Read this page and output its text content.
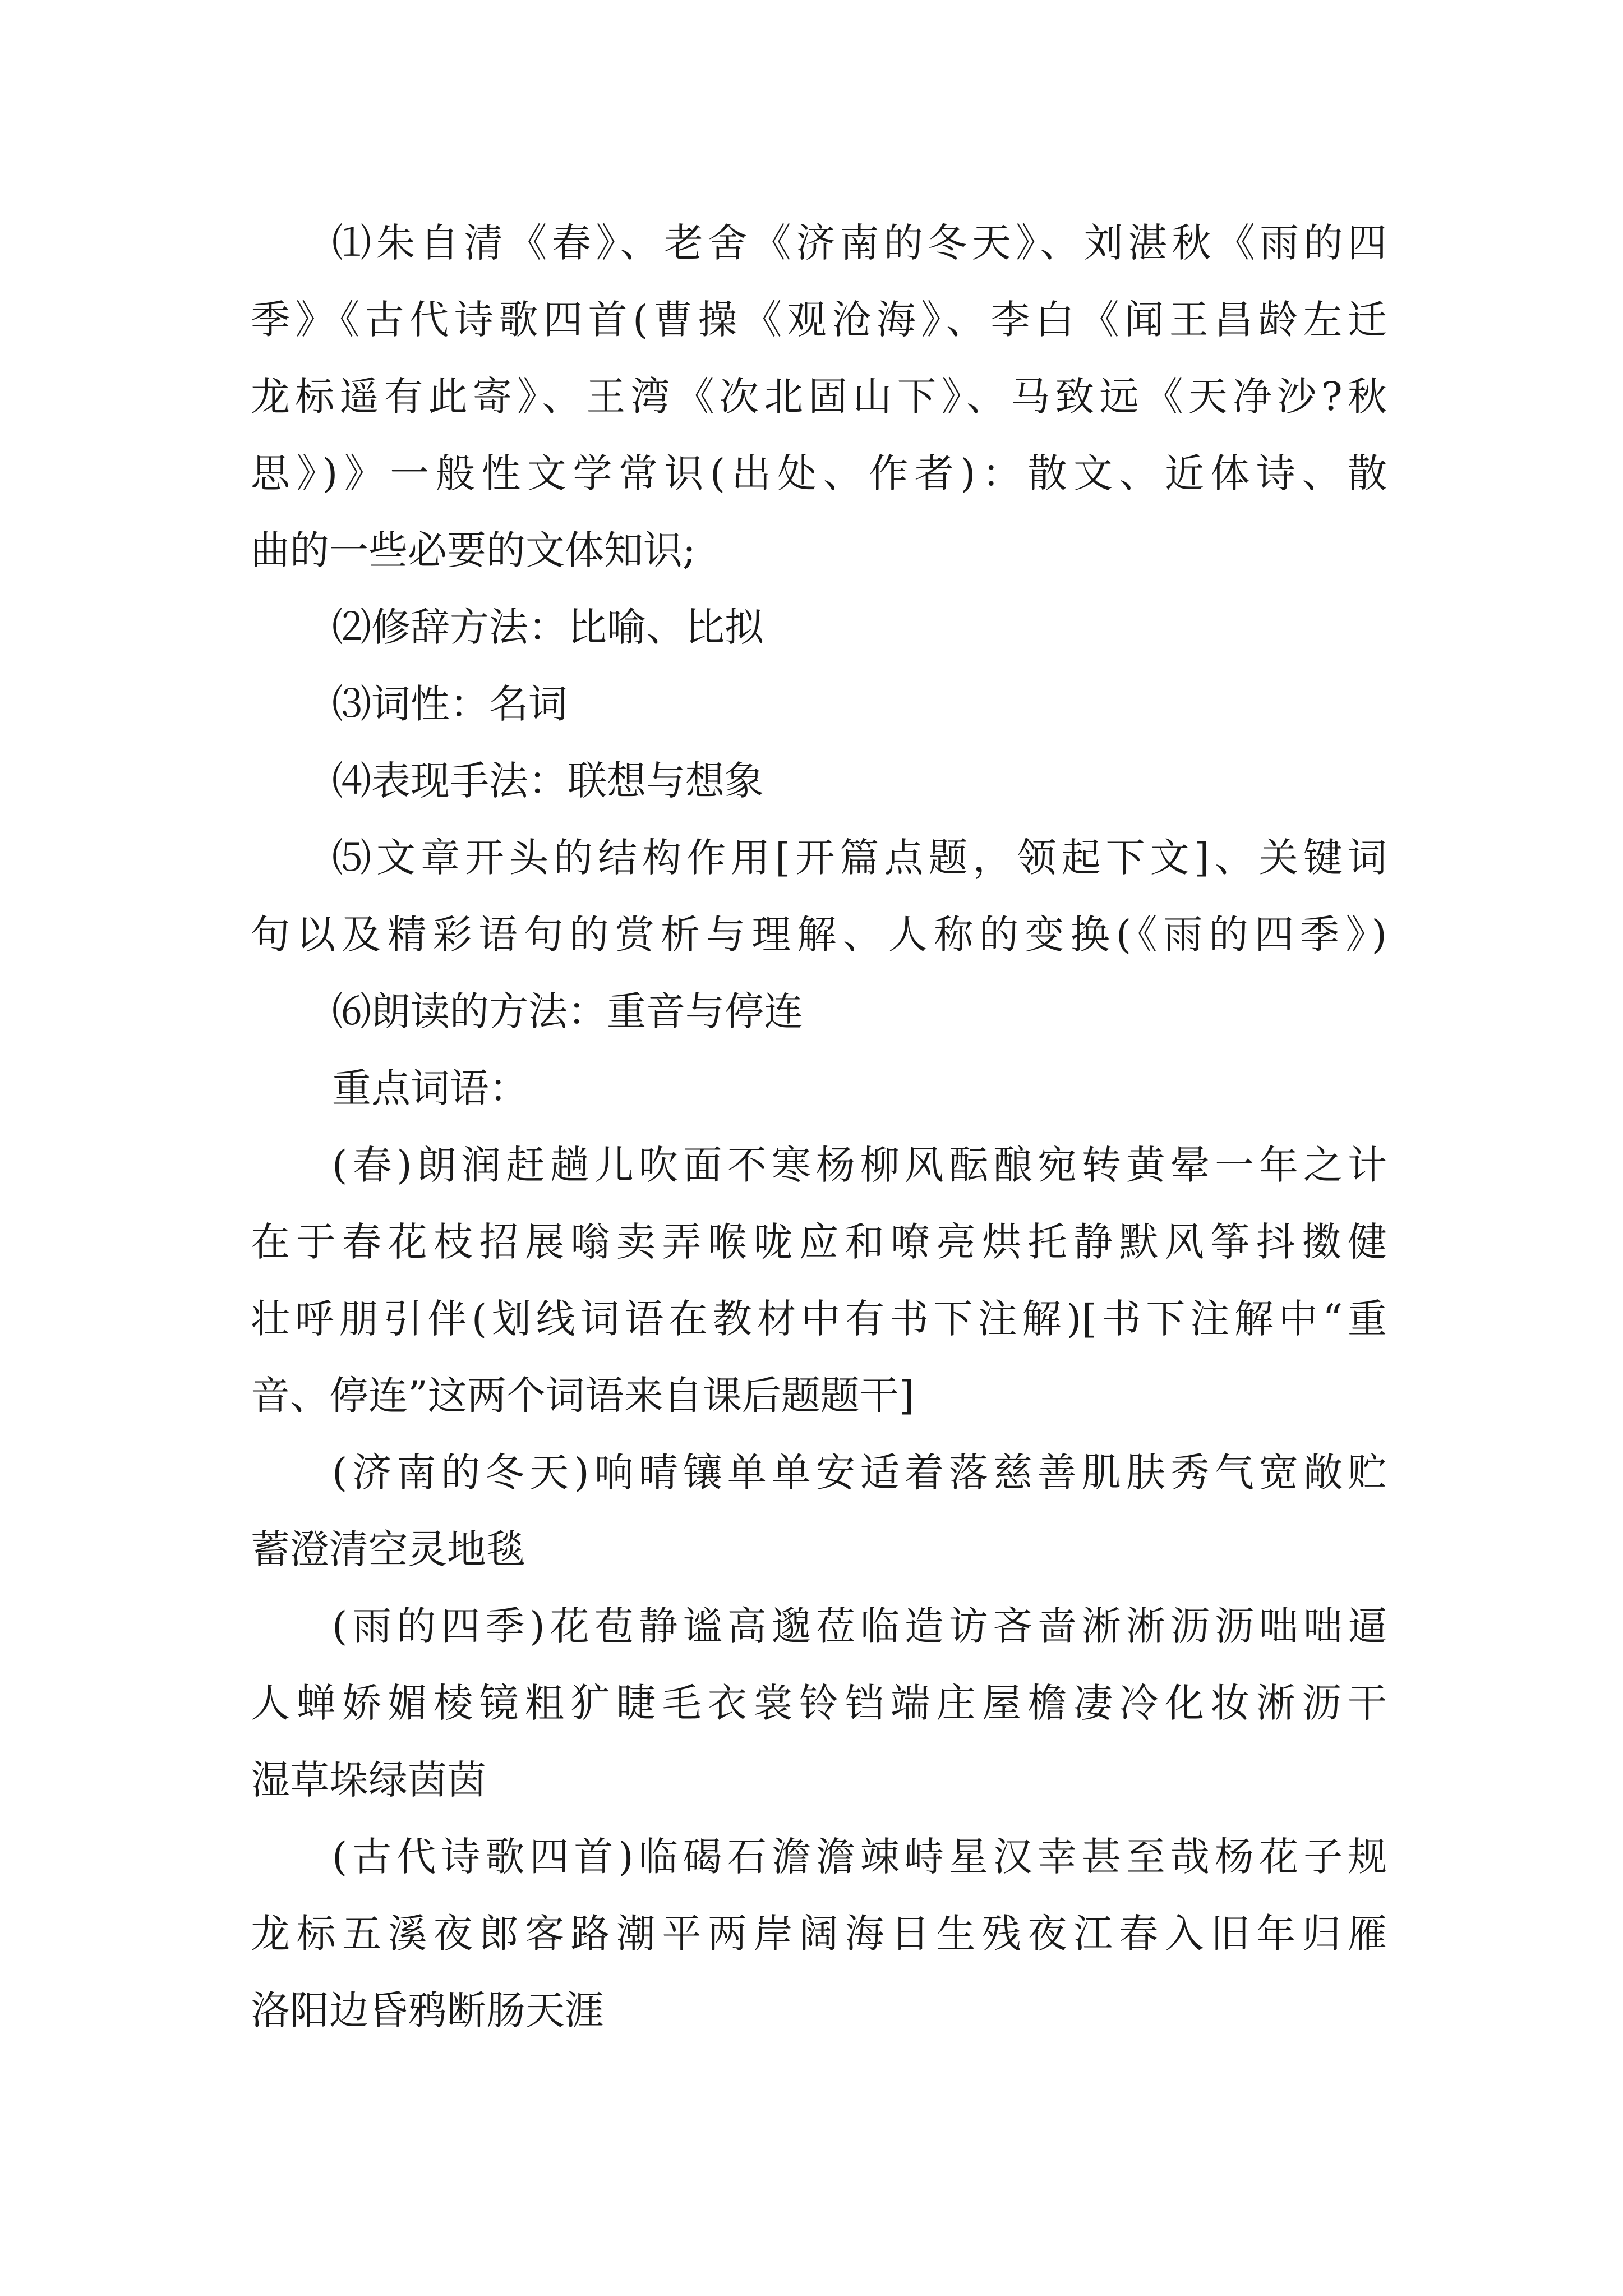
⑴朱自清《春》、老舍《济南的冬天》、刘湛秋《雨的四
季》《古代诗歌四首(曹操《观沧海》、李白《闻王昌龄左迁
龙标遥有此寄》、王湾《次北固山下》、马致远《天净沙?秋
思》)》一般性文学常识(出处、作者)：散文、近体诗、散
曲的一些必要的文体知识;
⑵修辞方法：比喻、比拟
⑶词性：名词
⑷表现手法：联想与想象
⑸文章开头的结构作用[开篇点题，领起下文]、关键词
句以及精彩语句的赏析与理解、人称的变换(《雨的四季》)
⑹朗读的方法：重音与停连
重点词语：
(春)朗润赶趟儿吹面不寒杨柳风酝酿宛转黄晕一年之计
在于春花枝招展嗡卖弄喉咙应和嘹亮烘托静默风筝抖擞健
壮呼朋引伴(划线词语在教材中有书下注解)[书下注解中“重
音、停连”这两个词语来自课后题题干]
(济南的冬天)响晴镶单单安适着落慈善肌肤秀气宽敞贮
蓄澄清空灵地毯
(雨的四季)花苞静谧高邈莅临造访吝啬淅淅沥沥咄咄逼
人蝉娇媚棱镜粗犷睫毛衣裳铃铛端庄屋檐凄冷化妆淅沥干
湿草垛绿茵茵
(古代诗歌四首)临碣石澹澹竦峙星汉幸甚至哉杨花子规
龙标五溪夜郎客路潮平两岸阔海日生残夜江春入旧年归雁
洛阳边昏鸦断肠天涯
